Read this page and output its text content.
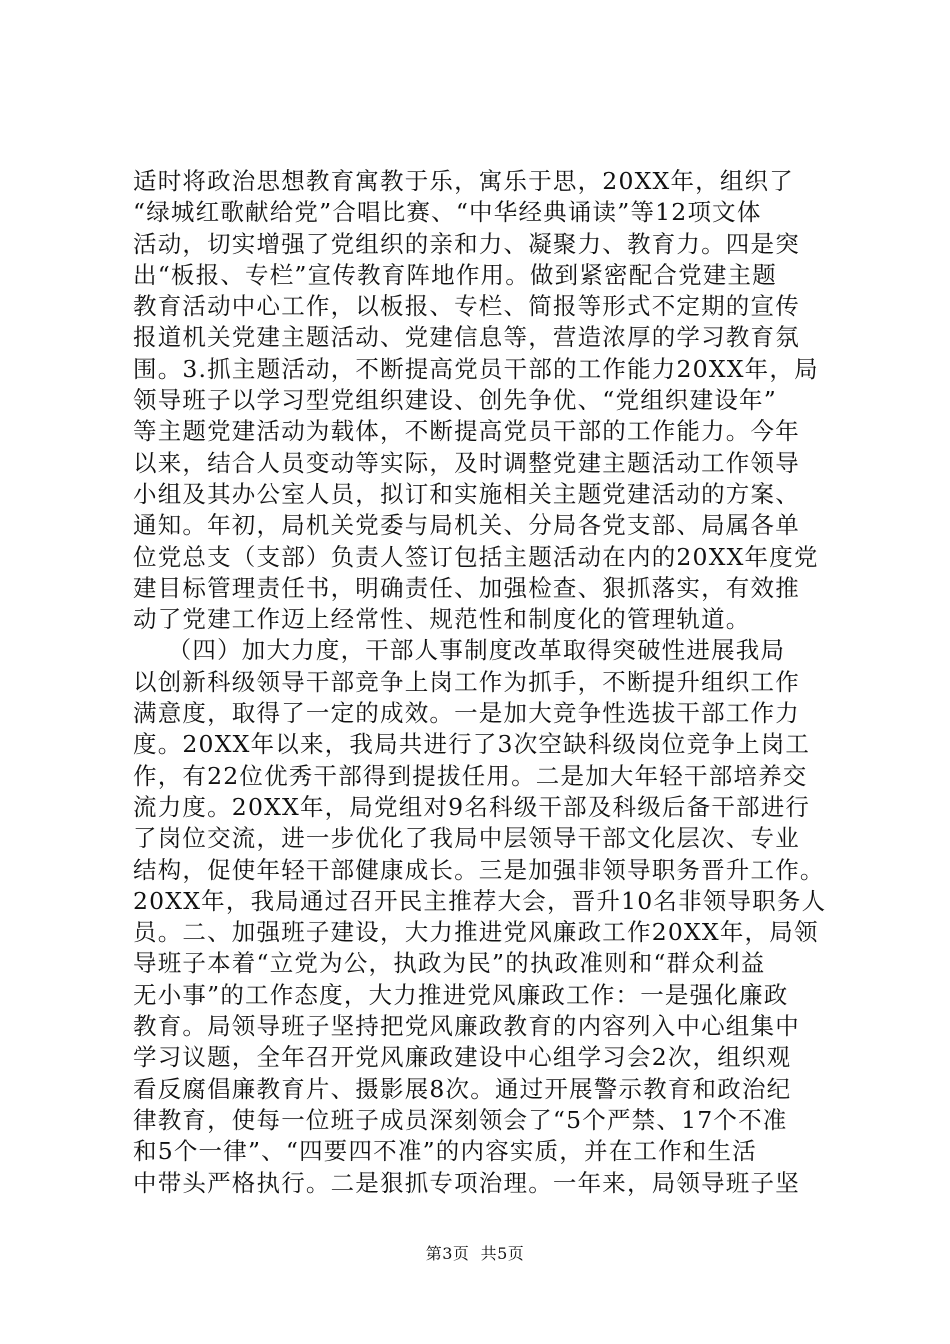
适时将政治思想教育寓教于乐，寓乐于思，20XX年，组织了
“绿城红歌献给党”合唱比赛、“中华经典诵读”等12项文体
活动，切实增强了党组织的亲和力、凝聚力、教育力。四是突
出“板报、专栏”宣传教育阵地作用。做到紧密配合党建主题
教育活动中心工作，以板报、专栏、简报等形式不定期的宣传
报道机关党建主题活动、党建信息等，营造浓厚的学习教育氛
围。3.抓主题活动，不断提高党员干部的工作能力20XX年，局
领导班子以学习型党组织建设、创先争优、“党组织建设年”
等主题党建活动为载体，不断提高党员干部的工作能力。今年
以来，结合人员变动等实际，及时调整党建主题活动工作领导
小组及其办公室人员，拟订和实施相关主题党建活动的方案、
通知。年初，局机关党委与局机关、分局各党支部、局属各单
位党总支（支部）负责人签订包括主题活动在内的20XX年度党
建目标管理责任书，明确责任、加强检查、狠抓落实，有效推
动了党建工作迈上经常性、规范性和制度化的管理轨道。
（四）加大力度，干部人事制度改革取得突破性进展我局
以创新科级领导干部竞争上岗工作为抓手，不断提升组织工作
满意度，取得了一定的成效。一是加大竞争性选拔干部工作力
度。20XX年以来，我局共进行了3次空缺科级岗位竞争上岗工
作，有22位优秀干部得到提拔任用。二是加大年轻干部培养交
流力度。20XX年，局党组对9名科级干部及科级后备干部进行
了岗位交流，进一步优化了我局中层领导干部文化层次、专业
结构，促使年轻干部健康成长。三是加强非领导职务晋升工作。
20XX年，我局通过召开民主推荐大会，晋升10名非领导职务人
员。二、加强班子建设，大力推进党风廉政工作20XX年，局领
导班子本着“立党为公，执政为民”的执政准则和“群众利益
无小事”的工作态度，大力推进党风廉政工作：一是强化廉政
教育。局领导班子坚持把党风廉政教育的内容列入中心组集中
学习议题，全年召开党风廉政建设中心组学习会2次，组织观
看反腐倡廉教育片、摄影展8次。通过开展警示教育和政治纪
律教育，使每一位班子成员深刻领会了“5个严禁、17个不准
和5个一律”、“四要四不准”的内容实质，并在工作和生活
中带头严格执行。二是狠抓专项治理。一年来，局领导班子坚
第3页  共5页
